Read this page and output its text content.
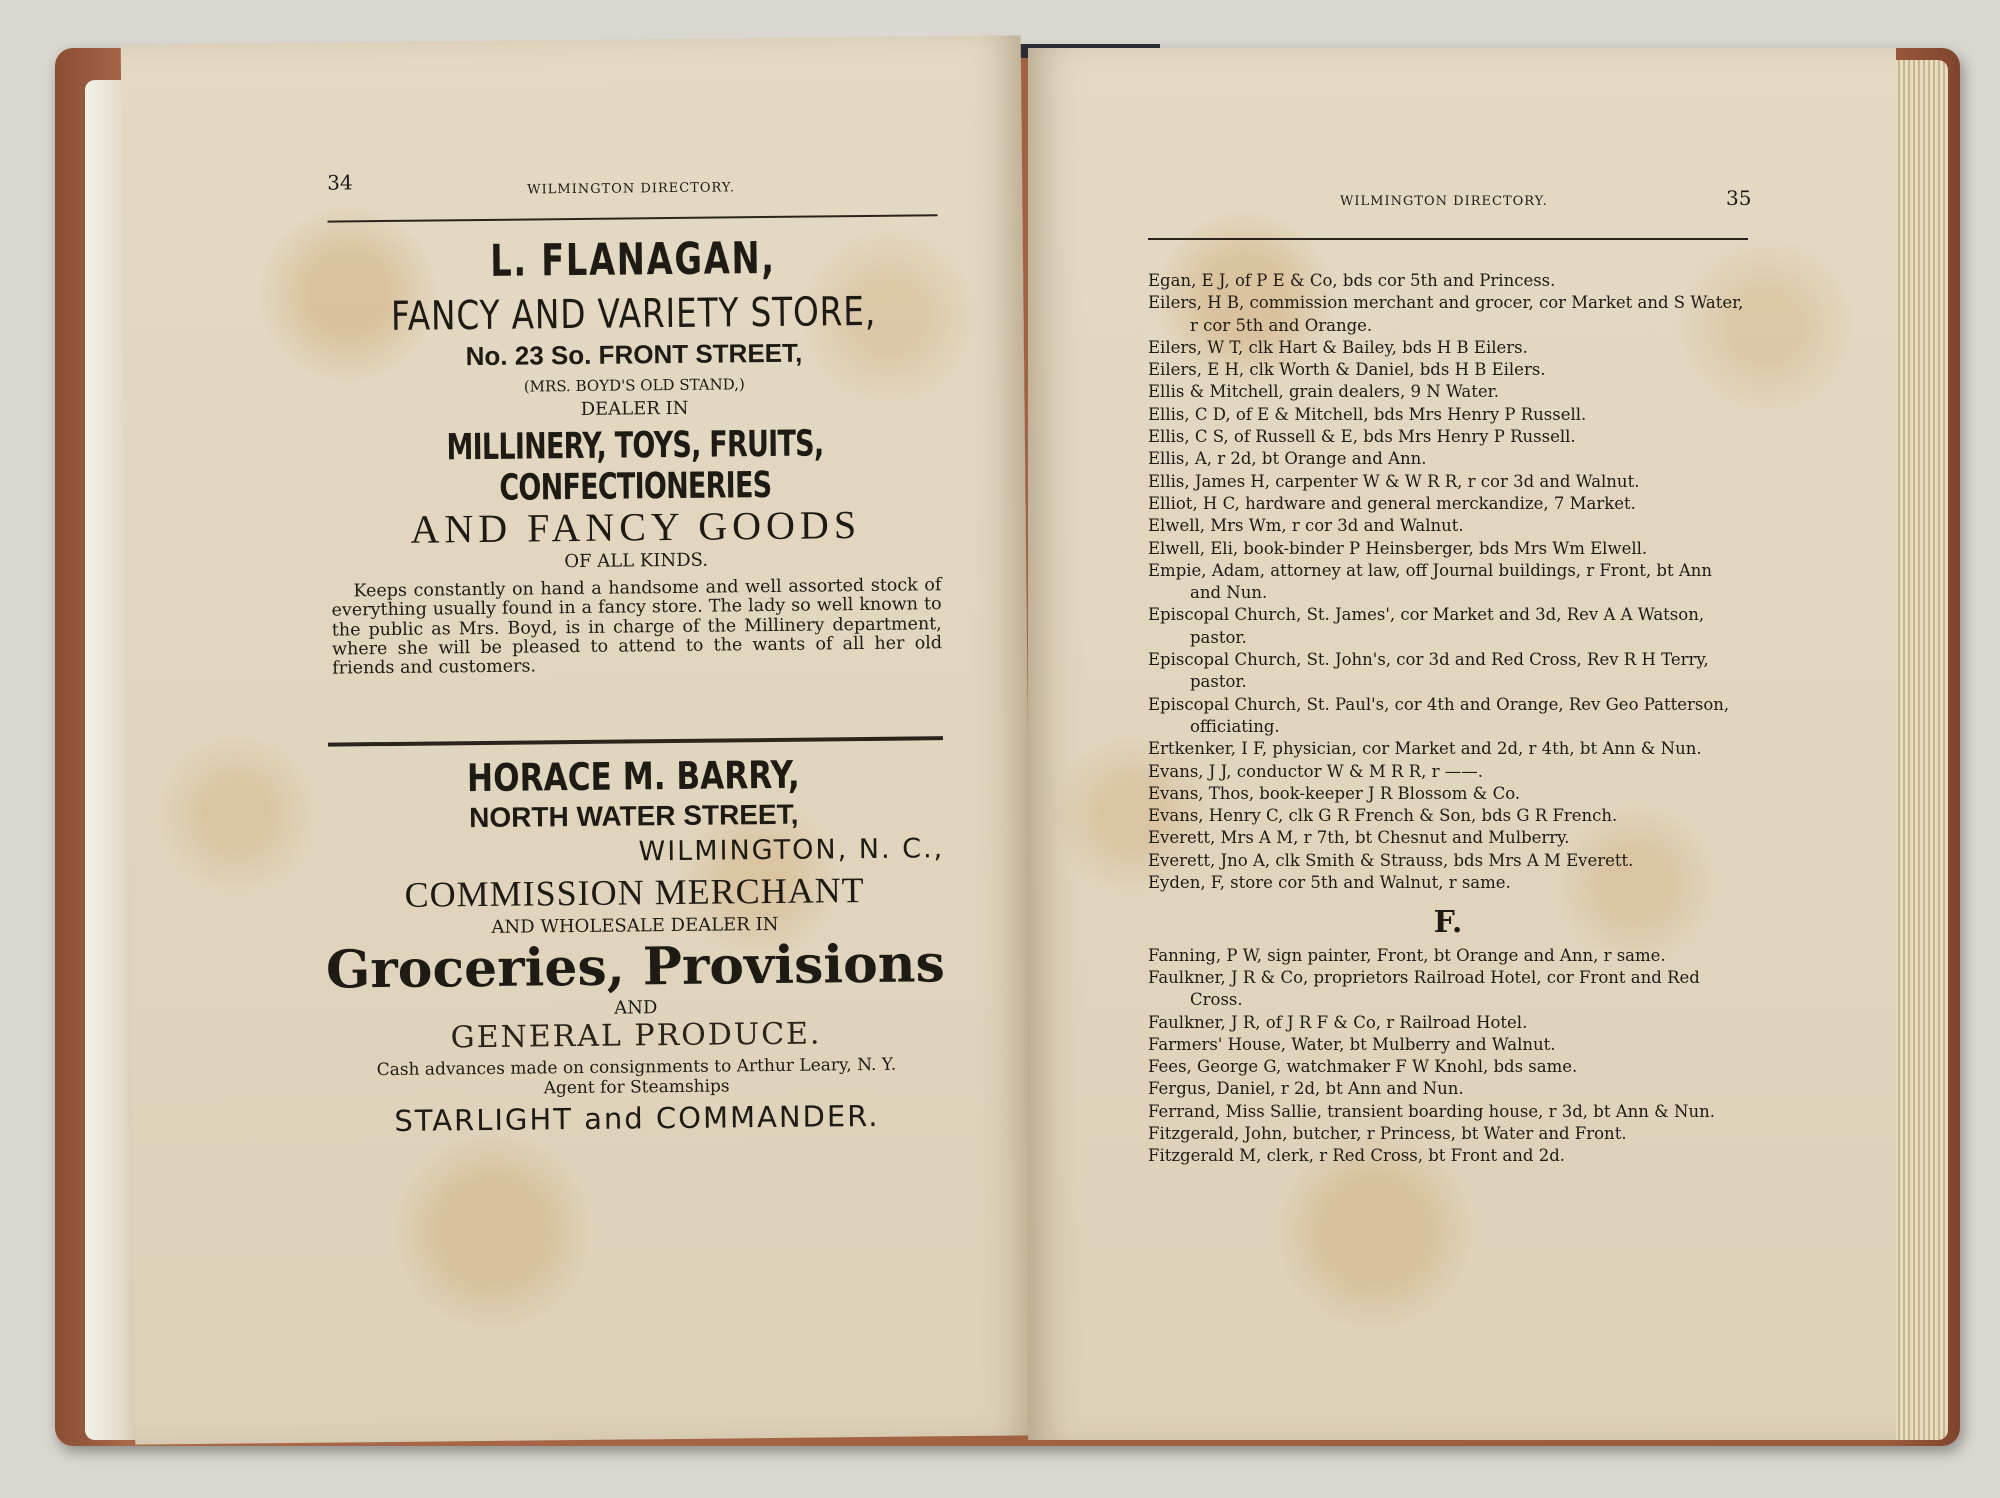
34	WILMINGTON DIRECTORY.
L. FLANAGAN,
FANCY AND VARIETY STORE,
No. 23 So. FRONT STREET,
(MRS. BOYD'S OLD STAND,)
DEALER IN
MILLINERY, TOYS, FRUITS, CONFECTIONERIES
AND FANCY GOODS
OF ALL KINDS.
Keeps constantly on hand a handsome and well assorted stock of everything usually found in a fancy store. The lady so well known to the public as Mrs. Boyd, is in charge of the Millinery department, where she will be pleased to attend to the wants of all her old friends and customers.
HORACE M. BARRY,
NORTH WATER STREET,
WILMINGTON, N. C.,
COMMISSION MERCHANT
AND WHOLESALE DEALER IN
Groceries, Provisions
AND
GENERAL PRODUCE.
Cash advances made on consignments to Arthur Leary, N. Y.
Agent for Steamships
STARLIGHT and COMMANDER.
WILMINGTON DIRECTORY.	35
Egan, E J, of P E & Co, bds cor 5th and Princess.
Eilers, H B, commission merchant and grocer, cor Market and S Water, r cor 5th and Orange.
Eilers, W T, clk Hart & Bailey, bds H B Eilers.
Eilers, E H, clk Worth & Daniel, bds H B Eilers.
Ellis & Mitchell, grain dealers, 9 N Water.
Ellis, C D, of E & Mitchell, bds Mrs Henry P Russell.
Ellis, C S, of Russell & E, bds Mrs Henry P Russell.
Ellis, A, r 2d, bt Orange and Ann.
Ellis, James H, carpenter W & W R R, r cor 3d and Walnut.
Elliot, H C, hardware and general merckandize, 7 Market.
Elwell, Mrs Wm, r cor 3d and Walnut.
Elwell, Eli, book-binder P Heinsberger, bds Mrs Wm Elwell.
Empie, Adam, attorney at law, off Journal buildings, r Front, bt Ann and Nun.
Episcopal Church, St. James', cor Market and 3d, Rev A A Watson, pastor.
Episcopal Church, St. John's, cor 3d and Red Cross, Rev R H Terry, pastor.
Episcopal Church, St. Paul's, cor 4th and Orange, Rev Geo Patterson, officiating.
Ertkenker, I F, physician, cor Market and 2d, r 4th, bt Ann & Nun.
Evans, J J, conductor W & M R R, r ——.
Evans, Thos, book-keeper J R Blossom & Co.
Evans, Henry C, clk G R French & Son, bds G R French.
Everett, Mrs A M, r 7th, bt Chesnut and Mulberry.
Everett, Jno A, clk Smith & Strauss, bds Mrs A M Everett.
Eyden, F, store cor 5th and Walnut, r same.
F.
Fanning, P W, sign painter, Front, bt Orange and Ann, r same.
Faulkner, J R & Co, proprietors Railroad Hotel, cor Front and Red Cross.
Faulkner, J R, of J R F & Co, r Railroad Hotel.
Farmers' House, Water, bt Mulberry and Walnut.
Fees, George G, watchmaker F W Knohl, bds same.
Fergus, Daniel, r 2d, bt Ann and Nun.
Ferrand, Miss Sallie, transient boarding house, r 3d, bt Ann & Nun.
Fitzgerald, John, butcher, r Princess, bt Water and Front.
Fitzgerald M, clerk, r Red Cross, bt Front and 2d.
